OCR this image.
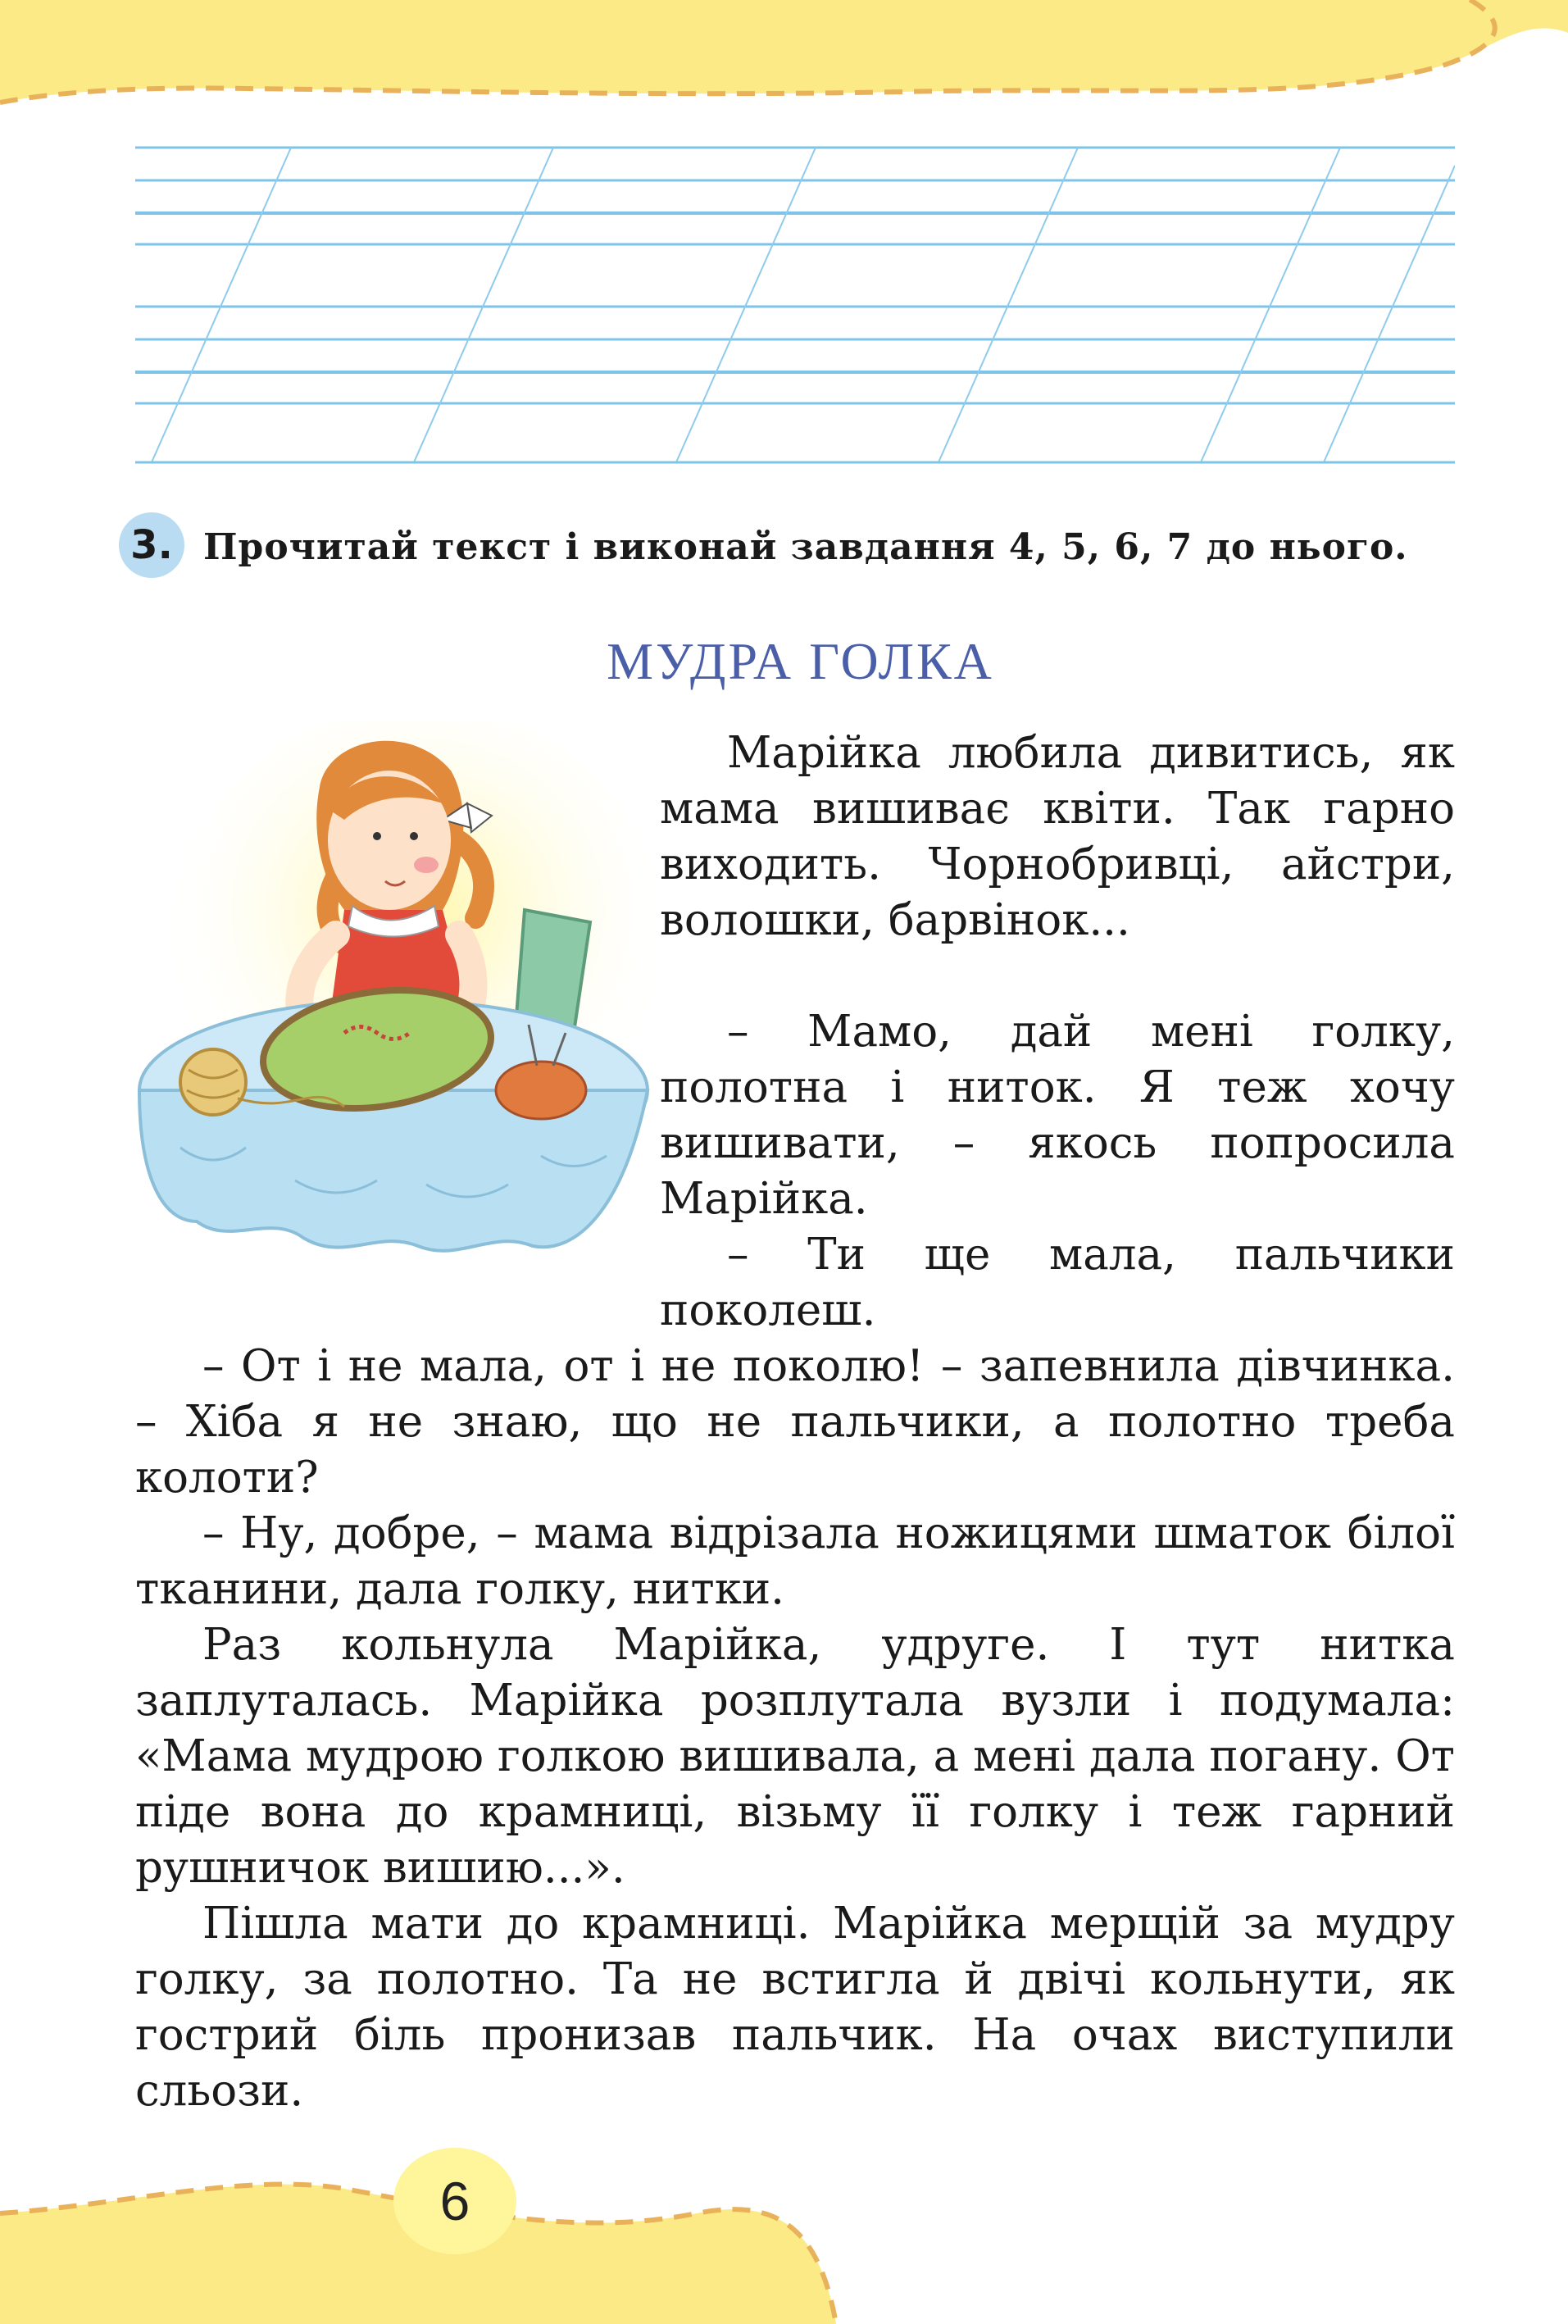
3. Прочитай текст і виконай завдання 4, 5, 6, 7 до нього.
МУДРА ГОЛКА

Марійка любила дивитись, як мама вишиває квіти. Так гарно виходить. Чорнобривці, айстри, волошки, барвінок...

– Мамо, дай мені голку, полотна і ниток. Я теж хочу вишивати, – якось попросила Марійка.

– Ти ще мала, пальчики поколеш.

– От і не мала, от і не поколю! – запевнила дівчинка. – Хіба я не знаю, що не пальчики, а полотно треба колоти?

– Ну, добре, – мама відрізала ножицями шматок білої тканини, дала голку, нитки.

Раз кольнула Марійка, удруге. І тут нитка заплуталась. Марійка розплутала вузли і подумала: «Мама мудрою голкою вишивала, а мені дала погану. От піде вона до крамниці, візьму її голку і теж гарний рушничок вишию...».

Пішла мати до крамниці. Марійка мерщій за мудру голку, за полотно. Та не встигла й двічі кольнути, як гострий біль пронизав пальчик. На очах виступили сльози.

6
